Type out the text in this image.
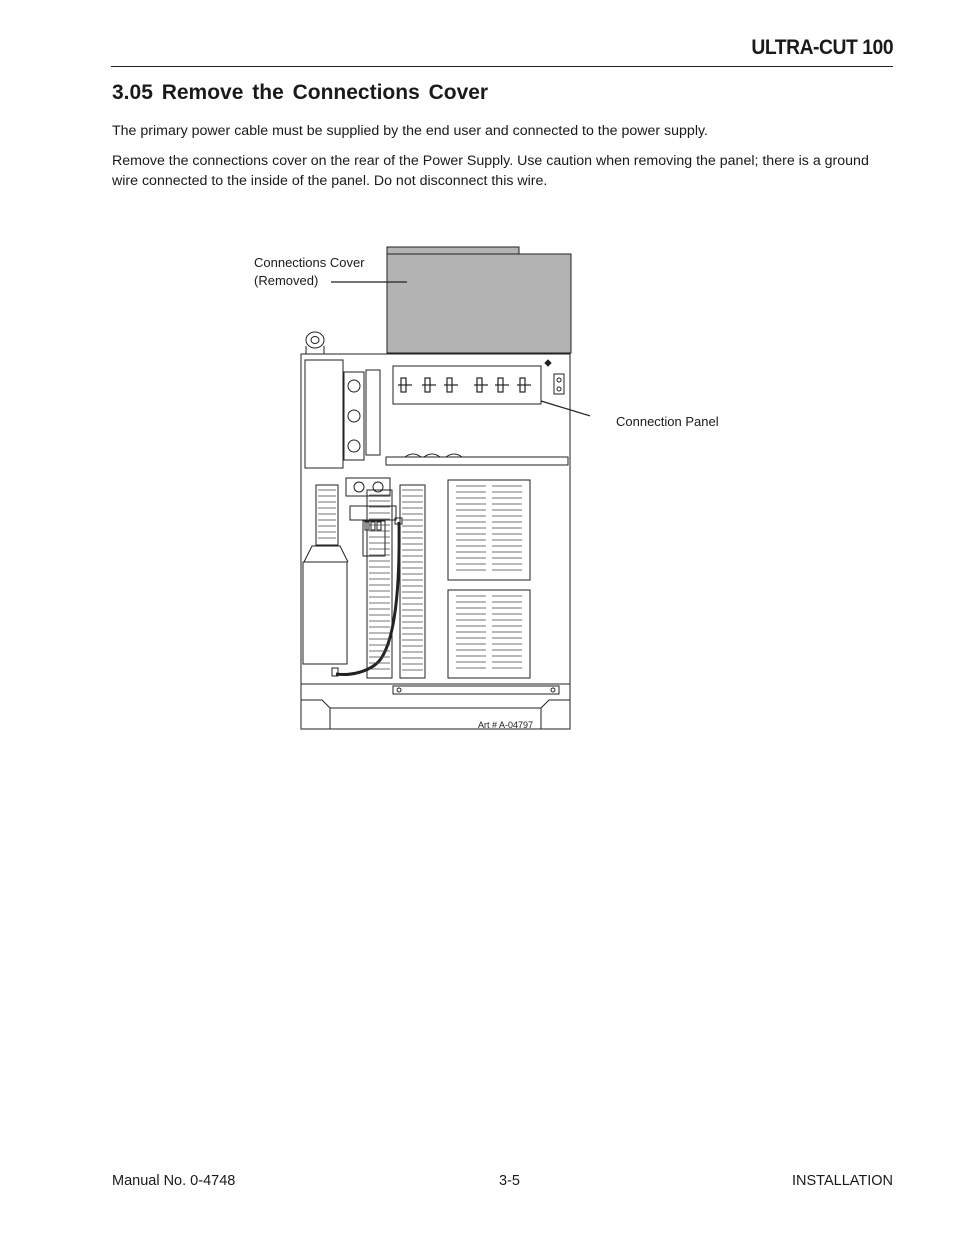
ULTRA-CUT 100
3.05 Remove the Connections Cover
The primary power cable must be supplied by the end user and connected to the power supply.
Remove the connections cover on the rear of the Power Supply. Use caution when removing the panel; there is a ground wire connected to the inside of the panel. Do not disconnect this wire.
Connections Cover
(Removed)
Connection Panel
Art # A-04797
Manual No. 0-4748	3-5	INSTALLATION
